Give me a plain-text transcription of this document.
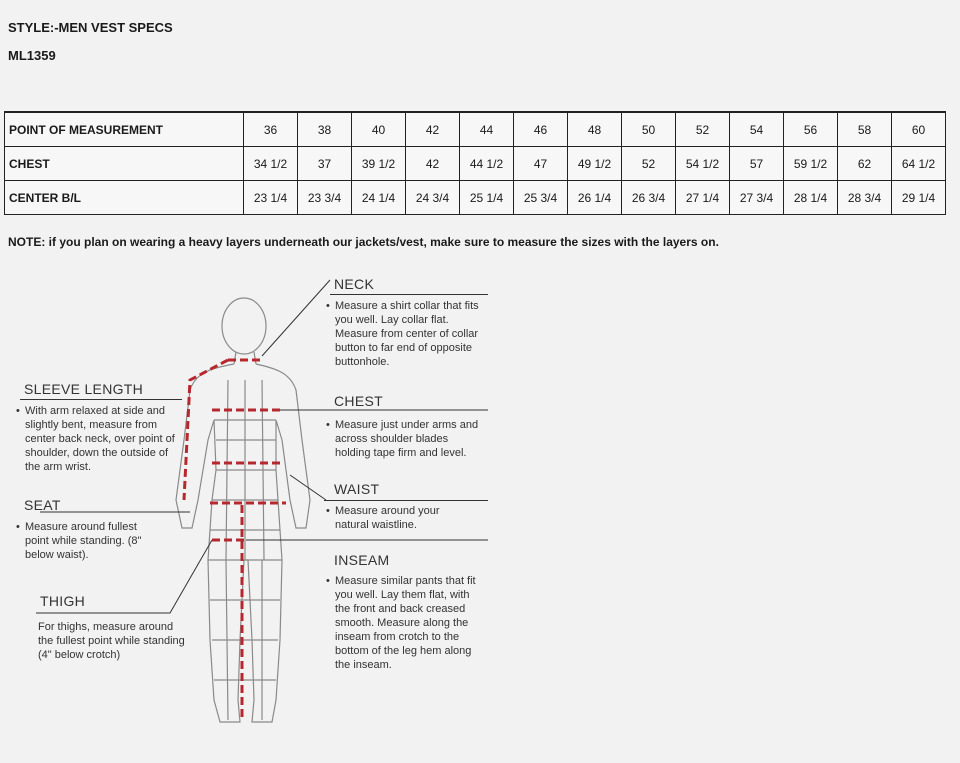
STYLE:-MEN VEST SPECS
ML1359
POINT OF MEASUREMENT	36	38	40	42	44	46	48	50	52	54	56	58	60
CHEST	34 1/2	37	39 1/2	42	44 1/2	47	49 1/2	52	54 1/2	57	59 1/2	62	64 1/2
CENTER B/L	23 1/4	23 3/4	24 1/4	24 3/4	25 1/4	25 3/4	26 1/4	26 3/4	27 1/4	27 3/4	28 1/4	28 3/4	29 1/4
NOTE: if you plan on wearing a heavy layers underneath our jackets/vest, make sure to measure the sizes with the layers on.
NECK
• Measure a shirt collar that fits you well. Lay collar flat. Measure from center of collar button to far end of opposite buttonhole.
CHEST
• Measure just under arms and across shoulder blades holding tape firm and level.
WAIST
• Measure around your natural waistline.
INSEAM
• Measure similar pants that fit you well. Lay them flat, with the front and back creased smooth. Measure along the inseam from crotch to the bottom of the leg hem along the inseam.
SLEEVE LENGTH
• With arm relaxed at side and slightly bent, measure from center back neck, over point of shoulder, down the outside of the arm wrist.
SEAT
• Measure around fullest point while standing. (8" below waist).
THIGH
For thighs, measure around the fullest point while standing (4" below crotch)
